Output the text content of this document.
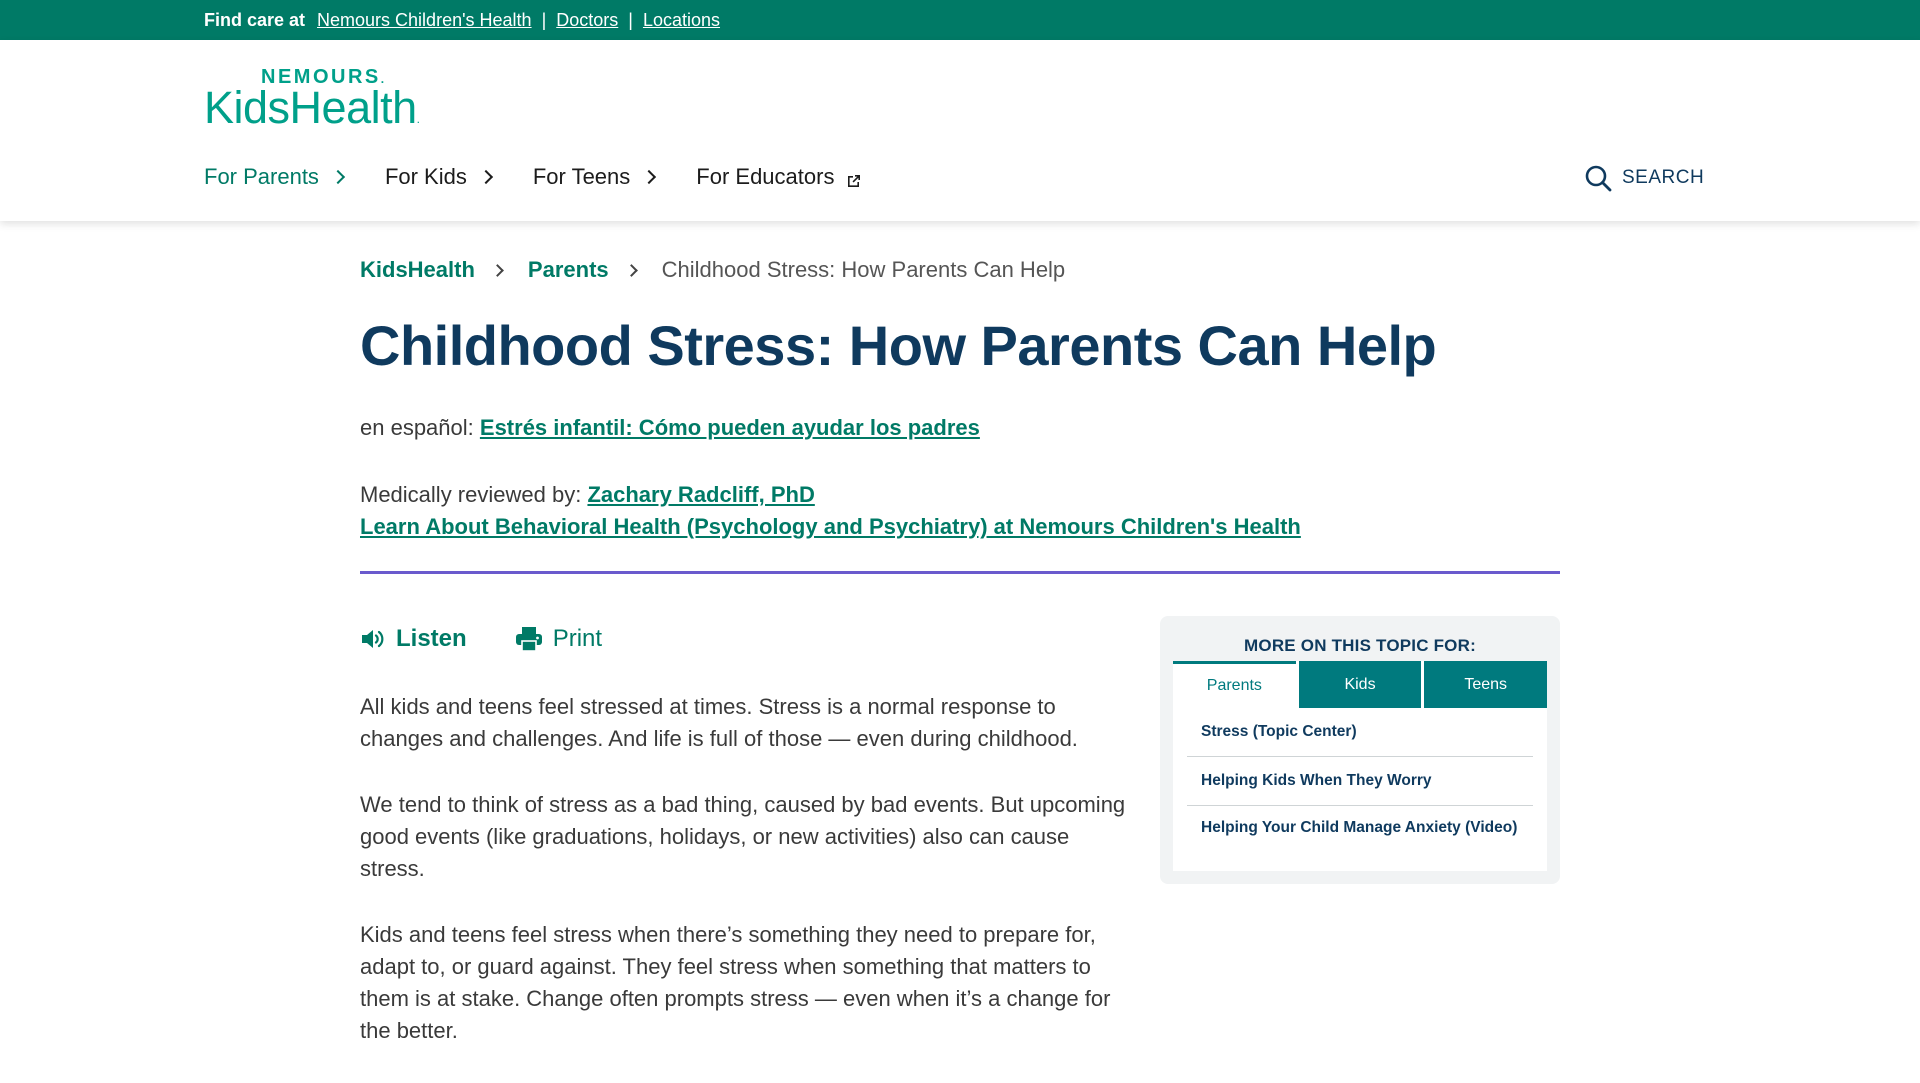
Find care at Nemours Children's Health | Doctors | Locations
NEMOURS.
KidsHealth.
For Parents	For Kids	For Teens	For Educators	SEARCH
KidsHealth Parents Childhood Stress: How Parents Can Help
Childhood Stress: How Parents Can Help
en español: Estrés infantil: Cómo pueden ayudar los padres
Medically reviewed by: Zachary Radcliff, PhD
Learn About Behavioral Health (Psychology and Psychiatry) at Nemours Children's Health
Listen	Print

All kids and teens feel stressed at times. Stress is a normal response to changes and challenges. And life is full of those — even during childhood.

We tend to think of stress as a bad thing, caused by bad events. But upcoming good events (like graduations, holidays, or new activities) also can cause stress.

Kids and teens feel stress when there’s something they need to prepare for, adapt to, or guard against. They feel stress when something that matters to them is at stake. Change often prompts stress — even when it’s a change for the better.

MORE ON THIS TOPIC FOR:
Parents	Kids	Teens
Stress (Topic Center)
Helping Kids When They Worry
Helping Your Child Manage Anxiety (Video)
